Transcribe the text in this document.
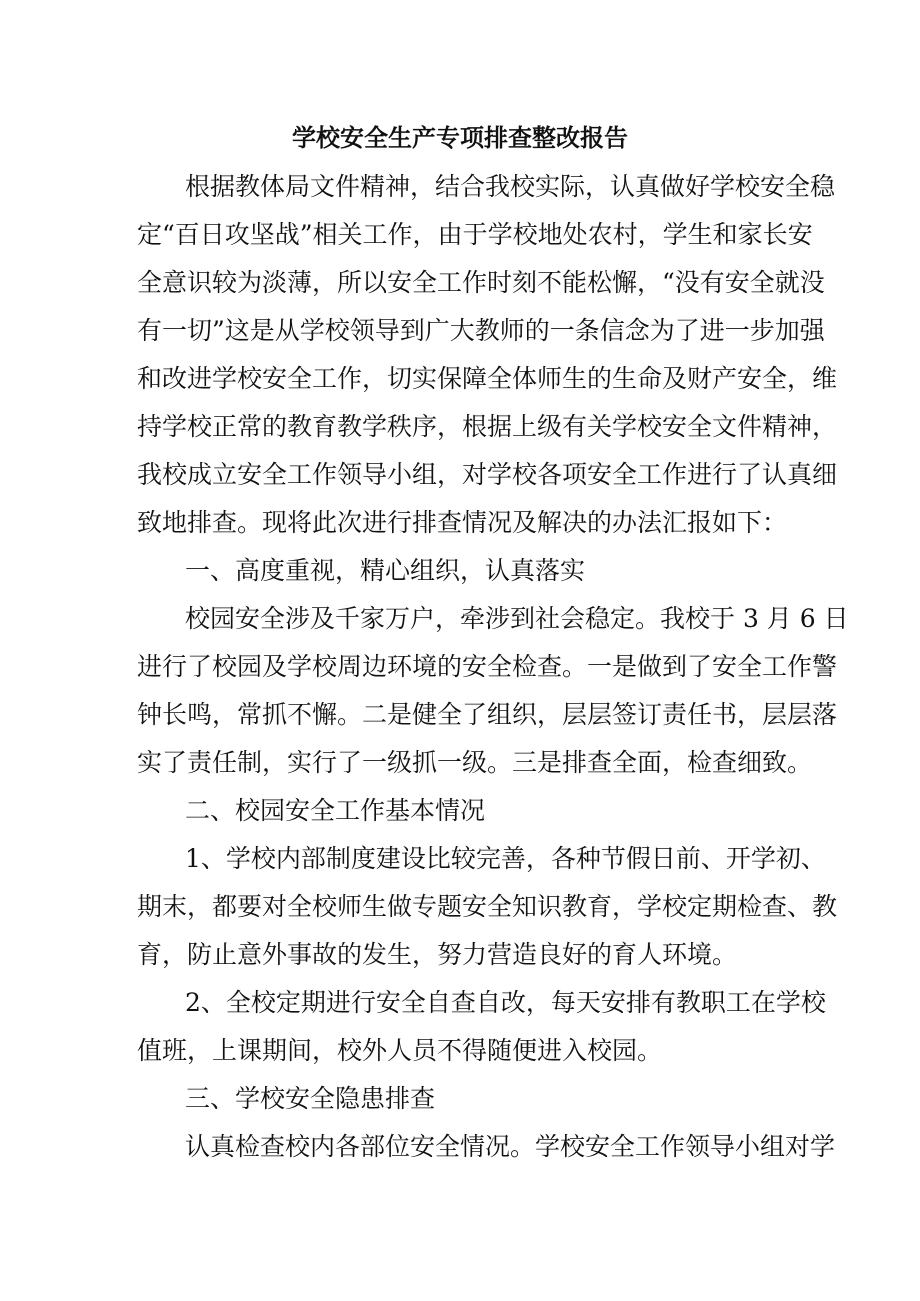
学校安全生产专项排查整改报告

根据教体局文件精神，结合我校实际，认真做好学校安全稳

定“百日攻坚战”相关工作，由于学校地处农村，学生和家长安

全意识较为淡薄，所以安全工作时刻不能松懈，“没有安全就没

有一切”这是从学校领导到广大教师的一条信念为了进一步加强

和改进学校安全工作，切实保障全体师生的生命及财产安全，维

持学校正常的教育教学秩序，根据上级有关学校安全文件精神，

我校成立安全工作领导小组，对学校各项安全工作进行了认真细

致地排查。现将此次进行排查情况及解决的办法汇报如下：

一、高度重视，精心组织，认真落实

校园安全涉及千家万户，牵涉到社会稳定。我校于 3 月 6 日

进行了校园及学校周边环境的安全检查。一是做到了安全工作警

钟长鸣，常抓不懈。二是健全了组织，层层签订责任书，层层落

实了责任制，实行了一级抓一级。三是排查全面，检查细致。

二、校园安全工作基本情况

1、学校内部制度建设比较完善，各种节假日前、开学初、

期末，都要对全校师生做专题安全知识教育，学校定期检查、教

育，防止意外事故的发生，努力营造良好的育人环境。

2、全校定期进行安全自查自改，每天安排有教职工在学校

值班，上课期间，校外人员不得随便进入校园。

三、学校安全隐患排查

认真检查校内各部位安全情况。学校安全工作领导小组对学
